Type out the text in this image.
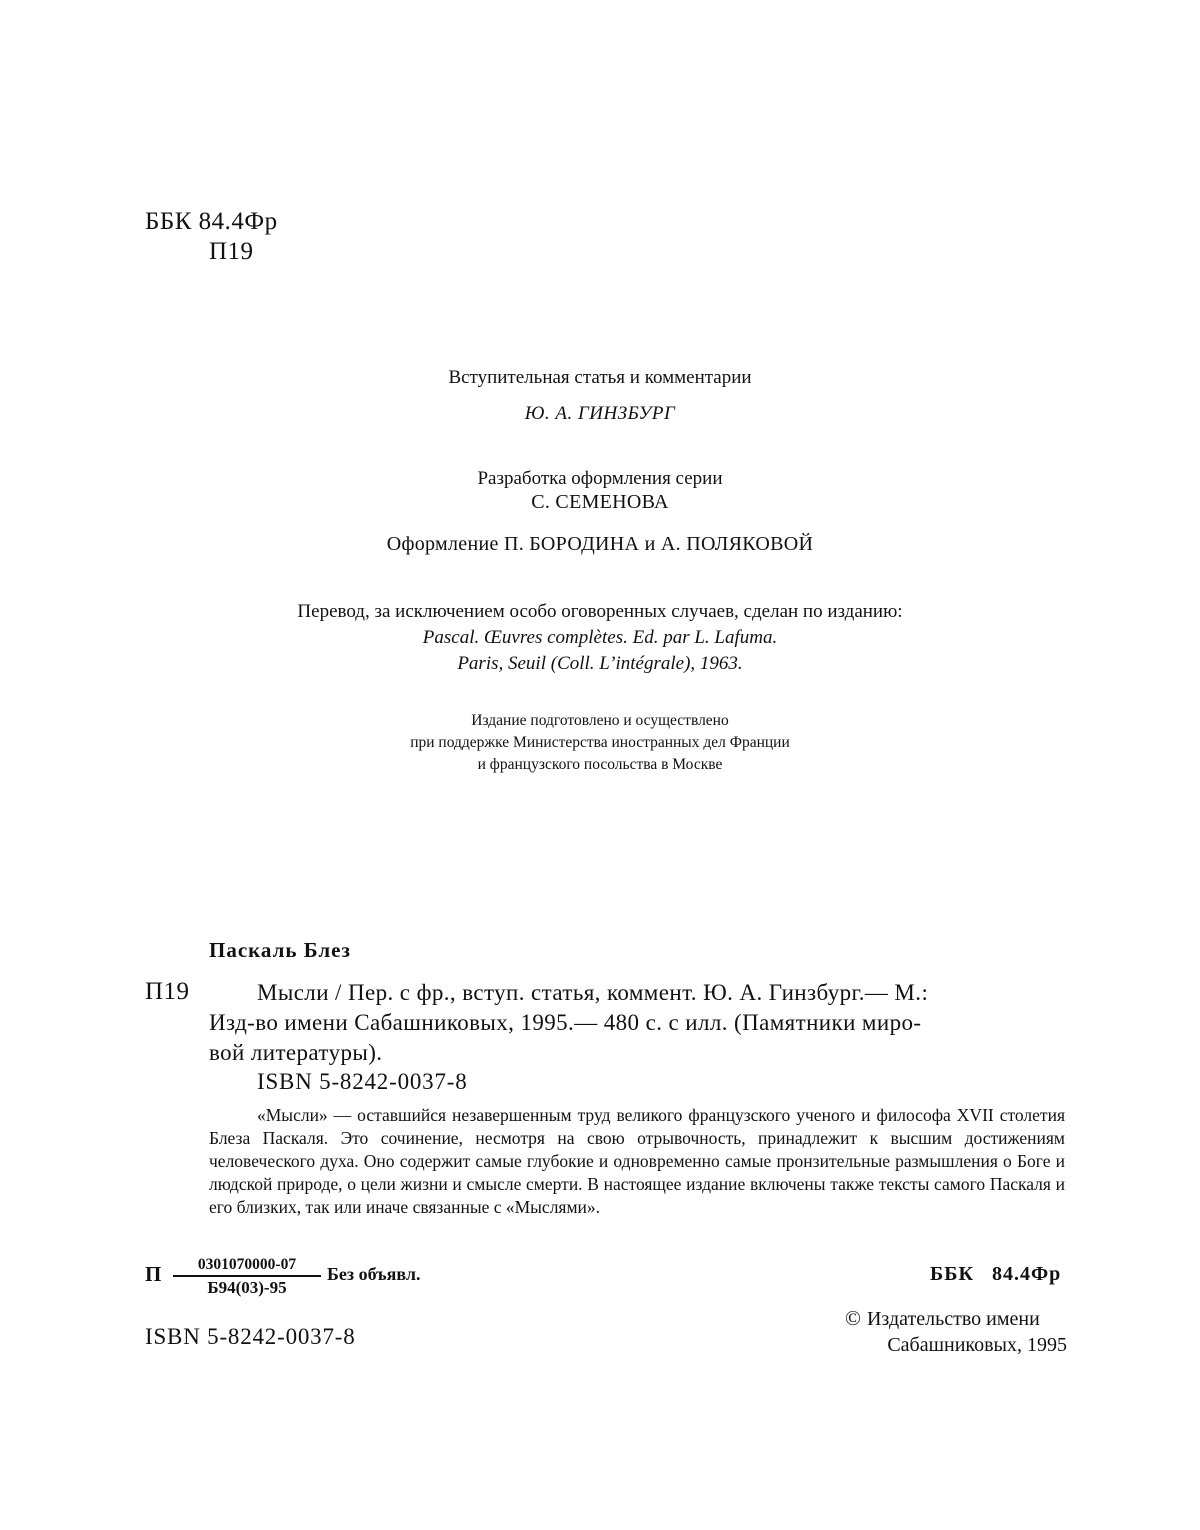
ББК 84.4Фр
П19
Вступительная статья и комментарии
Ю. А. ГИНЗБУРГ
Разработка оформления серии
С. СЕМЕНОВА
Оформление П. БОРОДИНА и А. ПОЛЯКОВОЙ
Перевод, за исключением особо оговоренных случаев, сделан по изданию:
Pascal. Œuvres complètes. Ed. par L. Lafuma.
Paris, Seuil (Coll. L’intégrale), 1963.
Издание подготовлено и осуществлено
при поддержке Министерства иностранных дел Франции
и французского посольства в Москве
Паскаль Блез
П19	Мысли / Пер. с фр., вступ. статья, коммент. Ю. А. Гинзбург.— М.:
Изд-во имени Сабашниковых, 1995.— 480 с. с илл. (Памятники миро-
вой литературы).
ISBN 5-8242-0037-8

«Мысли» — оставшийся незавершенным труд великого французского ученого и философа XVII столетия Блеза Паскаля. Это сочинение, несмотря на свою отрывочность, принадлежит к высшим достижениям человеческого духа. Оно содержит самые глубокие и одновременно самые пронзительные размышления о Боге и людской природе, о цели жизни и смысле смерти. В настоящее издание включены также тексты самого Паскаля и его близких, так или иначе связанные с «Мыслями».

П	0301070000-07
Б94(03)-95
Без объявл.	ББК 84.4Фр
ISBN 5-8242-0037-8
© Издательство имени
Сабашниковых, 1995
